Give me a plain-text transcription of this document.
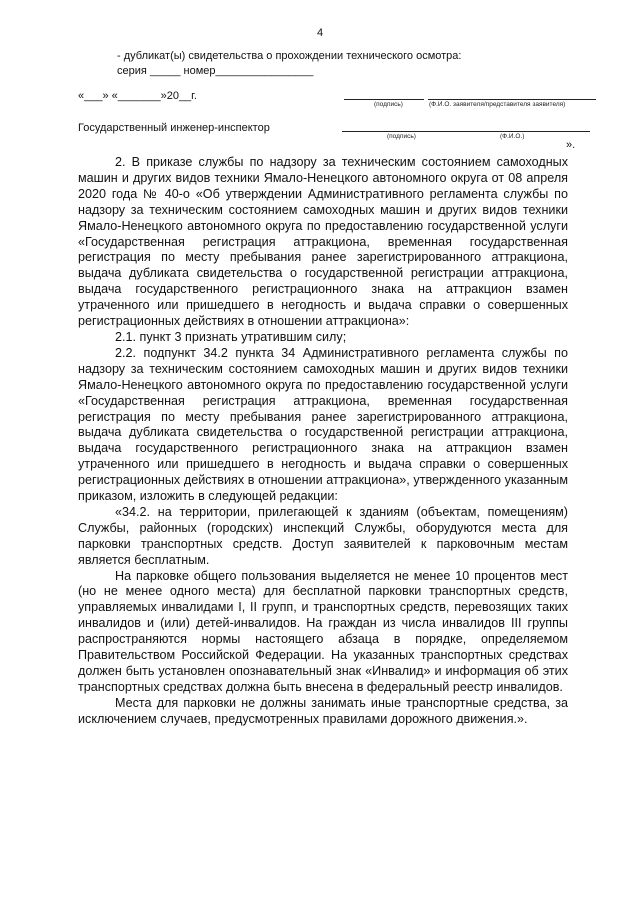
4
- дубликат(ы) свидетельства о прохождении технического осмотра:
серия _____ номер________________
«___» «_______»20__г.
(подпись)	(Ф.И.О. заявителя/представителя заявителя)
Государственный инженер-инспектор
(подпись)	(Ф.И.О.)
».

2. В приказе службы по надзору за техническим состоянием самоходных машин и других видов техники Ямало-Ненецкого автономного округа от 08 апреля 2020 года № 40-о «Об утверждении Административного регламента службы по надзору за техническим состоянием самоходных машин и других видов техники Ямало-Ненецкого автономного округа по предоставлению государственной услуги «Государственная регистрация аттракциона, временная государственная регистрация по месту пребывания ранее зарегистрированного аттракциона, выдача дубликата свидетельства о государственной регистрации аттракциона, выдача государственного регистрационного знака на аттракцион взамен утраченного или пришедшего в негодность и выдача справки о совершенных регистрационных действиях в отношении аттракциона»:

2.1. пункт 3 признать утратившим силу;

2.2. подпункт 34.2 пункта 34 Административного регламента службы по надзору за техническим состоянием самоходных машин и других видов техники Ямало-Ненецкого автономного округа по предоставлению государственной услуги «Государственная регистрация аттракциона, временная государственная регистрация по месту пребывания ранее зарегистрированного аттракциона, выдача дубликата свидетельства о государственной регистрации аттракциона, выдача государственного регистрационного знака на аттракцион взамен утраченного или пришедшего в негодность и выдача справки о совершенных регистрационных действиях в отношении аттракциона», утвержденного указанным приказом, изложить в следующей редакции:

«34.2. на территории, прилегающей к зданиям (объектам, помещениям) Службы, районных (городских) инспекций Службы, оборудуются места для парковки транспортных средств. Доступ заявителей к парковочным местам является бесплатным.

На парковке общего пользования выделяется не менее 10 процентов мест (но не менее одного места) для бесплатной парковки транспортных средств, управляемых инвалидами I, II групп, и транспортных средств, перевозящих таких инвалидов и (или) детей-инвалидов. На граждан из числа инвалидов III группы распространяются нормы настоящего абзаца в порядке, определяемом Правительством Российской Федерации. На указанных транспортных средствах должен быть установлен опознавательный знак «Инвалид» и информация об этих транспортных средствах должна быть внесена в федеральный реестр инвалидов.

Места для парковки не должны занимать иные транспортные средства, за исключением случаев, предусмотренных правилами дорожного движения.».
